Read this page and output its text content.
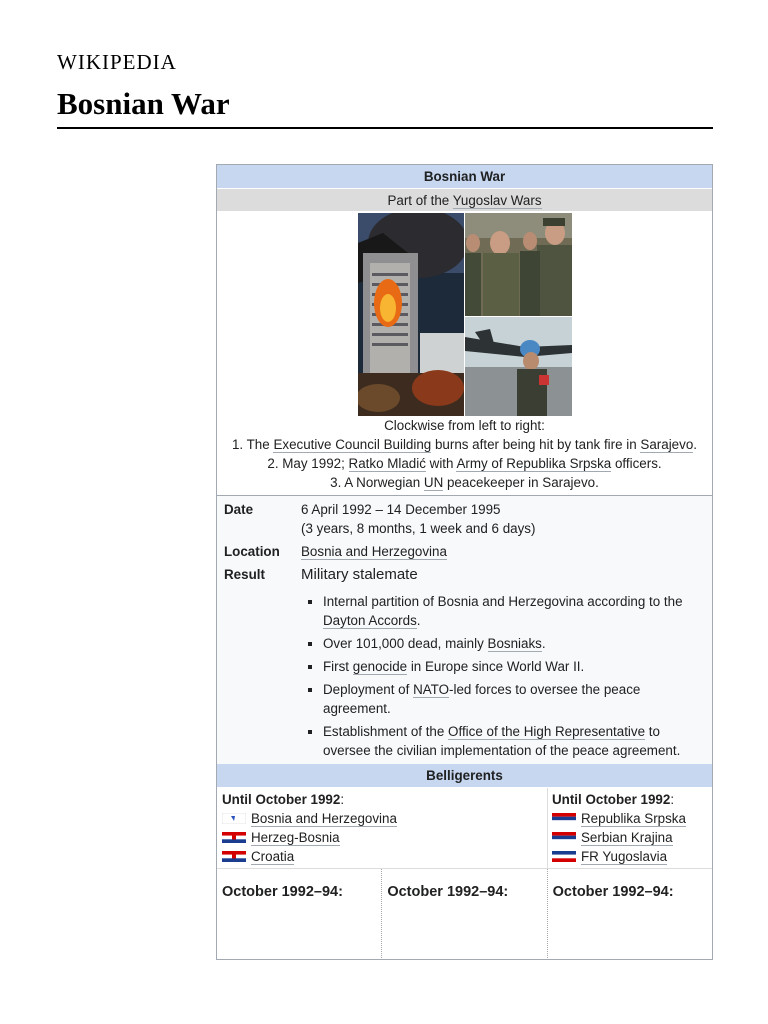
WIKIPEDIA
Bosnian War
Bosnian War
Part of the Yugoslav Wars
Clockwise from left to right:
1. The Executive Council Building burns after being hit by tank fire in Sarajevo.
2. May 1992; Ratko Mladić with Army of Republika Srpska officers.
3. A Norwegian UN peacekeeper in Sarajevo.
Date	6 April 1992 – 14 December 1995
(3 years, 8 months, 1 week and 6 days)
Location	Bosnia and Herzegovina
Result	Military stalemate
▪ Internal partition of Bosnia and Herzegovina according to the Dayton Accords.
▪ Over 101,000 dead, mainly Bosniaks.
▪ First genocide in Europe since World War II.
▪ Deployment of NATO-led forces to oversee the peace agreement.
▪ Establishment of the Office of the High Representative to oversee the civilian implementation of the peace agreement.
Belligerents
Until October 1992:
Bosnia and Herzegovina
Herzeg-Bosnia
Croatia
Until October 1992:
Republika Srpska
Serbian Krajina
FR Yugoslavia
October 1992–94:	October 1992–94:	October 1992–94:
